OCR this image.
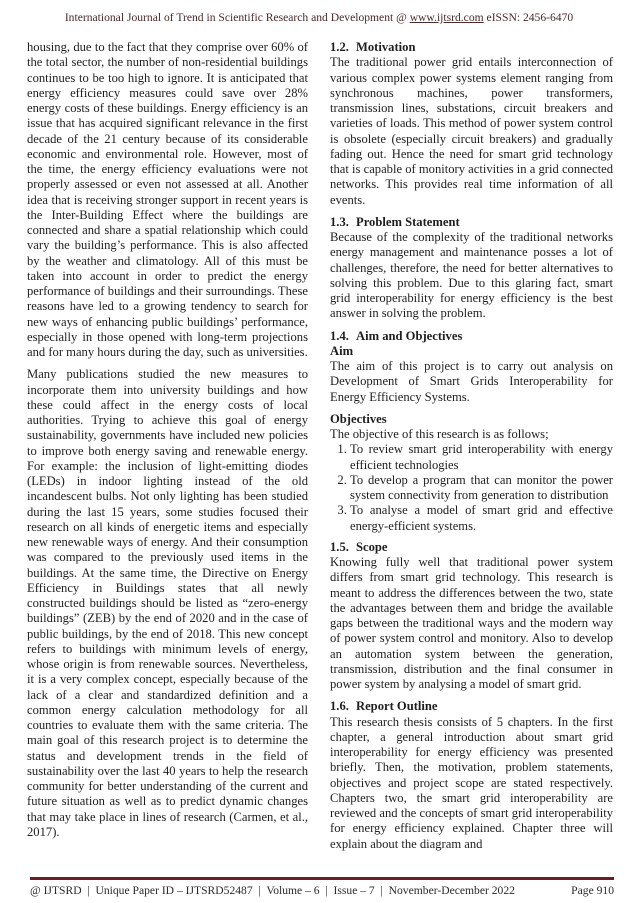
International Journal of Trend in Scientific Research and Development @ www.ijtsrd.com eISSN: 2456-6470

housing, due to the fact that they comprise over 60% of the total sector, the number of non-residential buildings continues to be too high to ignore. It is anticipated that energy efficiency measures could save over 28% energy costs of these buildings. Energy efficiency is an issue that has acquired significant relevance in the first decade of the 21 century because of its considerable economic and environmental role. However, most of the time, the energy efficiency evaluations were not properly assessed or even not assessed at all. Another idea that is receiving stronger support in recent years is the Inter-Building Effect where the buildings are connected and share a spatial relationship which could vary the building’s performance. This is also affected by the weather and climatology. All of this must be taken into account in order to predict the energy performance of buildings and their surroundings. These reasons have led to a growing tendency to search for new ways of enhancing public buildings’ performance, especially in those opened with long-term projections and for many hours during the day, such as universities.

Many publications studied the new measures to incorporate them into university buildings and how these could affect in the energy costs of local authorities. Trying to achieve this goal of energy sustainability, governments have included new policies to improve both energy saving and renewable energy. For example: the inclusion of light-emitting diodes (LEDs) in indoor lighting instead of the old incandescent bulbs. Not only lighting has been studied during the last 15 years, some studies focused their research on all kinds of energetic items and especially new renewable ways of energy. And their consumption was compared to the previously used items in the buildings. At the same time, the Directive on Energy Efficiency in Buildings states that all newly constructed buildings should be listed as “zero-energy buildings” (ZEB) by the end of 2020 and in the case of public buildings, by the end of 2018. This new concept refers to buildings with minimum levels of energy, whose origin is from renewable sources. Nevertheless, it is a very complex concept, especially because of the lack of a clear and standardized definition and a common energy calculation methodology for all countries to evaluate them with the same criteria. The main goal of this research project is to determine the status and development trends in the field of sustainability over the last 40 years to help the research community for better understanding of the current and future situation as well as to predict dynamic changes that may take place in lines of research (Carmen, et al., 2017).

1.2. Motivation

The traditional power grid entails interconnection of various complex power systems element ranging from synchronous machines, power transformers, transmission lines, substations, circuit breakers and varieties of loads. This method of power system control is obsolete (especially circuit breakers) and gradually fading out. Hence the need for smart grid technology that is capable of monitory activities in a grid connected networks. This provides real time information of all events.

1.3. Problem Statement

Because of the complexity of the traditional networks energy management and maintenance posses a lot of challenges, therefore, the need for better alternatives to solving this problem. Due to this glaring fact, smart grid interoperability for energy efficiency is the best answer in solving the problem.

1.4. Aim and Objectives
Aim

The aim of this project is to carry out analysis on Development of Smart Grids Interoperability for Energy Efficiency Systems.

Objectives
The objective of this research is as follows;
1. To review smart grid interoperability with energy efficient technologies
2. To develop a program that can monitor the power system connectivity from generation to distribution
3. To analyse a model of smart grid and effective energy-efficient systems.
1.5. Scope

Knowing fully well that traditional power system differs from smart grid technology. This research is meant to address the differences between the two, state the advantages between them and bridge the available gaps between the traditional ways and the modern way of power system control and monitory. Also to develop an automation system between the generation, transmission, distribution and the final consumer in power system by analysing a model of smart grid.

1.6. Report Outline

This research thesis consists of 5 chapters. In the first chapter, a general introduction about smart grid interoperability for energy efficiency was presented briefly. Then, the motivation, problem statements, objectives and project scope are stated respectively. Chapters two, the smart grid interoperability are reviewed and the concepts of smart grid interoperability for energy efficiency explained. Chapter three will explain about the diagram and

@ IJTSRD  |  Unique Paper ID – IJTSRD52487  |  Volume – 6  |  Issue – 7  |  November-December 2022	Page 910
